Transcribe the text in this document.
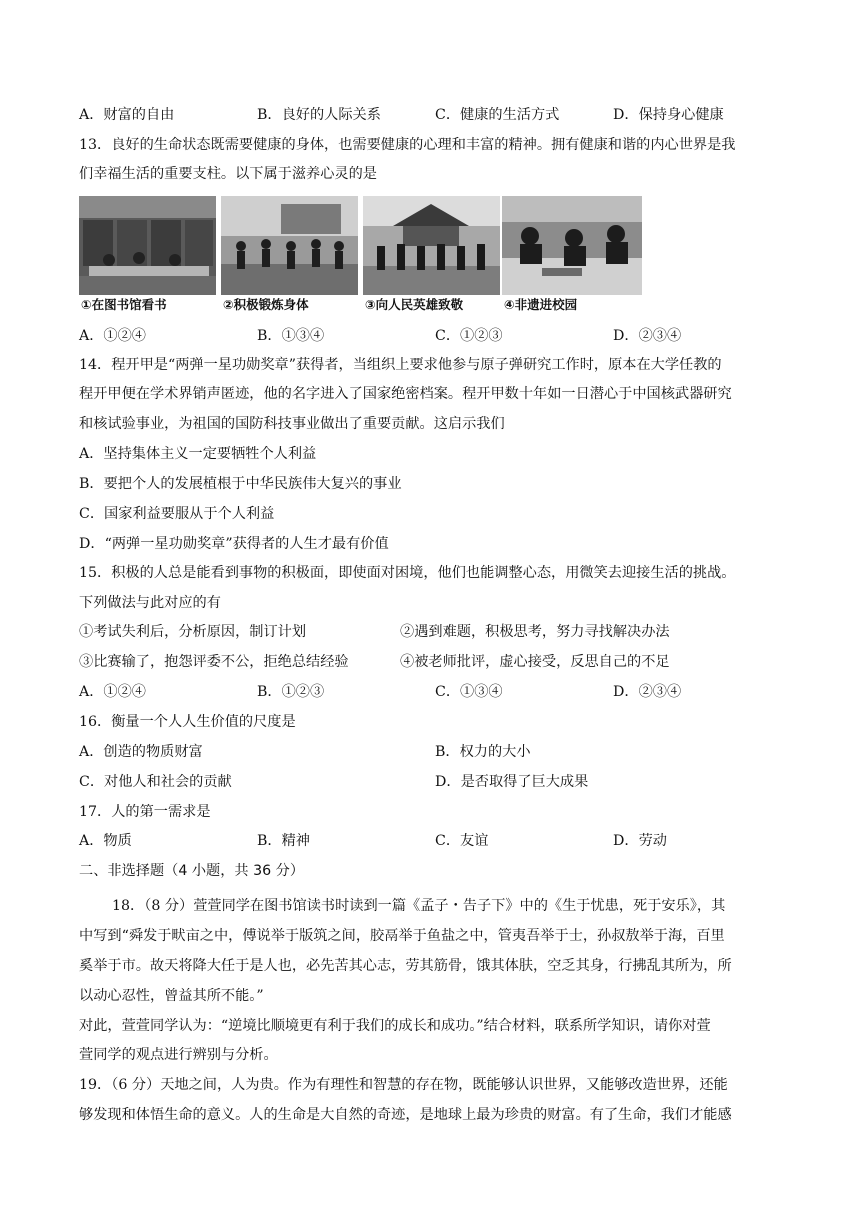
A．财富的自由	B．良好的人际关系	C．健康的生活方式	D．保持身心健康
13．良好的生命状态既需要健康的身体，也需要健康的心理和丰富的精神。拥有健康和谐的内心世界是我
们幸福生活的重要支柱。以下属于滋养心灵的是
①在图书馆看书	②积极锻炼身体	③向人民英雄致敬	④非遗进校园
A．①②④	B．①③④	C．①②③	D．②③④
14．程开甲是“两弹一星功勋奖章”获得者，当组织上要求他参与原子弹研究工作时，原本在大学任教的
程开甲便在学术界销声匿迹，他的名字进入了国家绝密档案。程开甲数十年如一日潜心于中国核武器研究
和核试验事业，为祖国的国防科技事业做出了重要贡献。这启示我们
A．坚持集体主义一定要牺牲个人利益
B．要把个人的发展植根于中华民族伟大复兴的事业
C．国家利益要服从于个人利益
D．“两弹一星功勋奖章”获得者的人生才最有价值
15．积极的人总是能看到事物的积极面，即使面对困境，他们也能调整心态，用微笑去迎接生活的挑战。
下列做法与此对应的有
①考试失利后，分析原因，制订计划	②遇到难题，积极思考，努力寻找解决办法
③比赛输了，抱怨评委不公，拒绝总结经验	④被老师批评，虚心接受，反思自己的不足
A．①②④	B．①②③	C．①③④	D．②③④
16．衡量一个人人生价值的尺度是
A．创造的物质财富	B．权力的大小
C．对他人和社会的贡献	D．是否取得了巨大成果
17．人的第一需求是
A．物质	B．精神	C．友谊	D．劳动
二、非选择题（4 小题，共 36 分）
18．（8 分）萱萱同学在图书馆读书时读到一篇《孟子・告子下》中的《生于忧患，死于安乐》，其
中写到“舜发于畎亩之中，傅说举于版筑之间，胶鬲举于鱼盐之中，管夷吾举于士，孙叔敖举于海，百里
奚举于市。故天将降大任于是人也，必先苦其心志，劳其筋骨，饿其体肤，空乏其身，行拂乱其所为，所
以动心忍性，曾益其所不能。”
对此，萱萱同学认为：“逆境比顺境更有利于我们的成长和成功。”结合材料，联系所学知识，请你对萱
萱同学的观点进行辨别与分析。
19．（6 分）天地之间，人为贵。作为有理性和智慧的存在物，既能够认识世界，又能够改造世界，还能
够发现和体悟生命的意义。人的生命是大自然的奇迹，是地球上最为珍贵的财富。有了生命，我们才能感
